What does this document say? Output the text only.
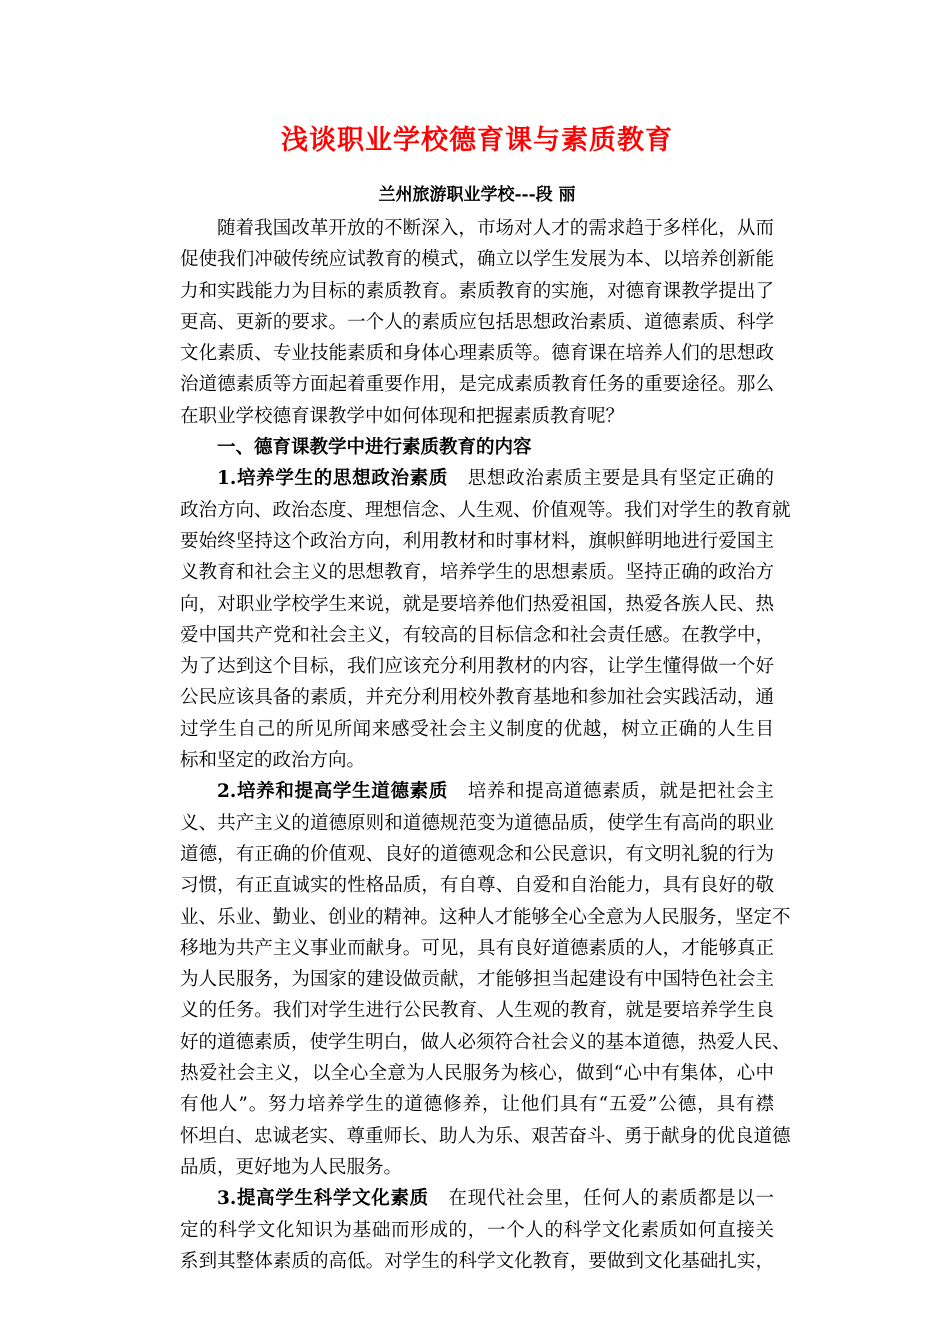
浅谈职业学校德育课与素质教育
兰州旅游职业学校---段 丽
随着我国改革开放的不断深入，市场对人才的需求趋于多样化，从而
促使我们冲破传统应试教育的模式，确立以学生发展为本、以培养创新能
力和实践能力为目标的素质教育。素质教育的实施，对德育课教学提出了
更高、更新的要求。一个人的素质应包括思想政治素质、道德素质、科学
文化素质、专业技能素质和身体心理素质等。德育课在培养人们的思想政
治道德素质等方面起着重要作用，是完成素质教育任务的重要途径。那么
在职业学校德育课教学中如何体现和把握素质教育呢？
一、德育课教学中进行素质教育的内容
1.培养学生的思想政治素质 思想政治素质主要是具有坚定正确的
政治方向、政治态度、理想信念、人生观、价值观等。我们对学生的教育就
要始终坚持这个政治方向，利用教材和时事材料，旗帜鲜明地进行爱国主
义教育和社会主义的思想教育，培养学生的思想素质。坚持正确的政治方
向，对职业学校学生来说，就是要培养他们热爱祖国，热爱各族人民、热
爱中国共产党和社会主义，有较高的目标信念和社会责任感。在教学中，
为了达到这个目标，我们应该充分利用教材的内容，让学生懂得做一个好
公民应该具备的素质，并充分利用校外教育基地和参加社会实践活动，通
过学生自己的所见所闻来感受社会主义制度的优越，树立正确的人生目
标和坚定的政治方向。
2.培养和提高学生道德素质 培养和提高道德素质，就是把社会主
义、共产主义的道德原则和道德规范变为道德品质，使学生有高尚的职业
道德，有正确的价值观、良好的道德观念和公民意识，有文明礼貌的行为
习惯，有正直诚实的性格品质，有自尊、自爱和自治能力，具有良好的敬
业、乐业、勤业、创业的精神。这种人才能够全心全意为人民服务，坚定不
移地为共产主义事业而献身。可见，具有良好道德素质的人，才能够真正
为人民服务，为国家的建设做贡献，才能够担当起建设有中国特色社会主
义的任务。我们对学生进行公民教育、人生观的教育，就是要培养学生良
好的道德素质，使学生明白，做人必须符合社会义的基本道德，热爱人民、
热爱社会主义，以全心全意为人民服务为核心，做到“心中有集体，心中
有他人”。努力培养学生的道德修养，让他们具有“五爱”公德，具有襟
怀坦白、忠诚老实、尊重师长、助人为乐、艰苦奋斗、勇于献身的优良道德
品质，更好地为人民服务。
3.提高学生科学文化素质 在现代社会里，任何人的素质都是以一
定的科学文化知识为基础而形成的，一个人的科学文化素质如何直接关
系到其整体素质的高低。对学生的科学文化教育，要做到文化基础扎实，
